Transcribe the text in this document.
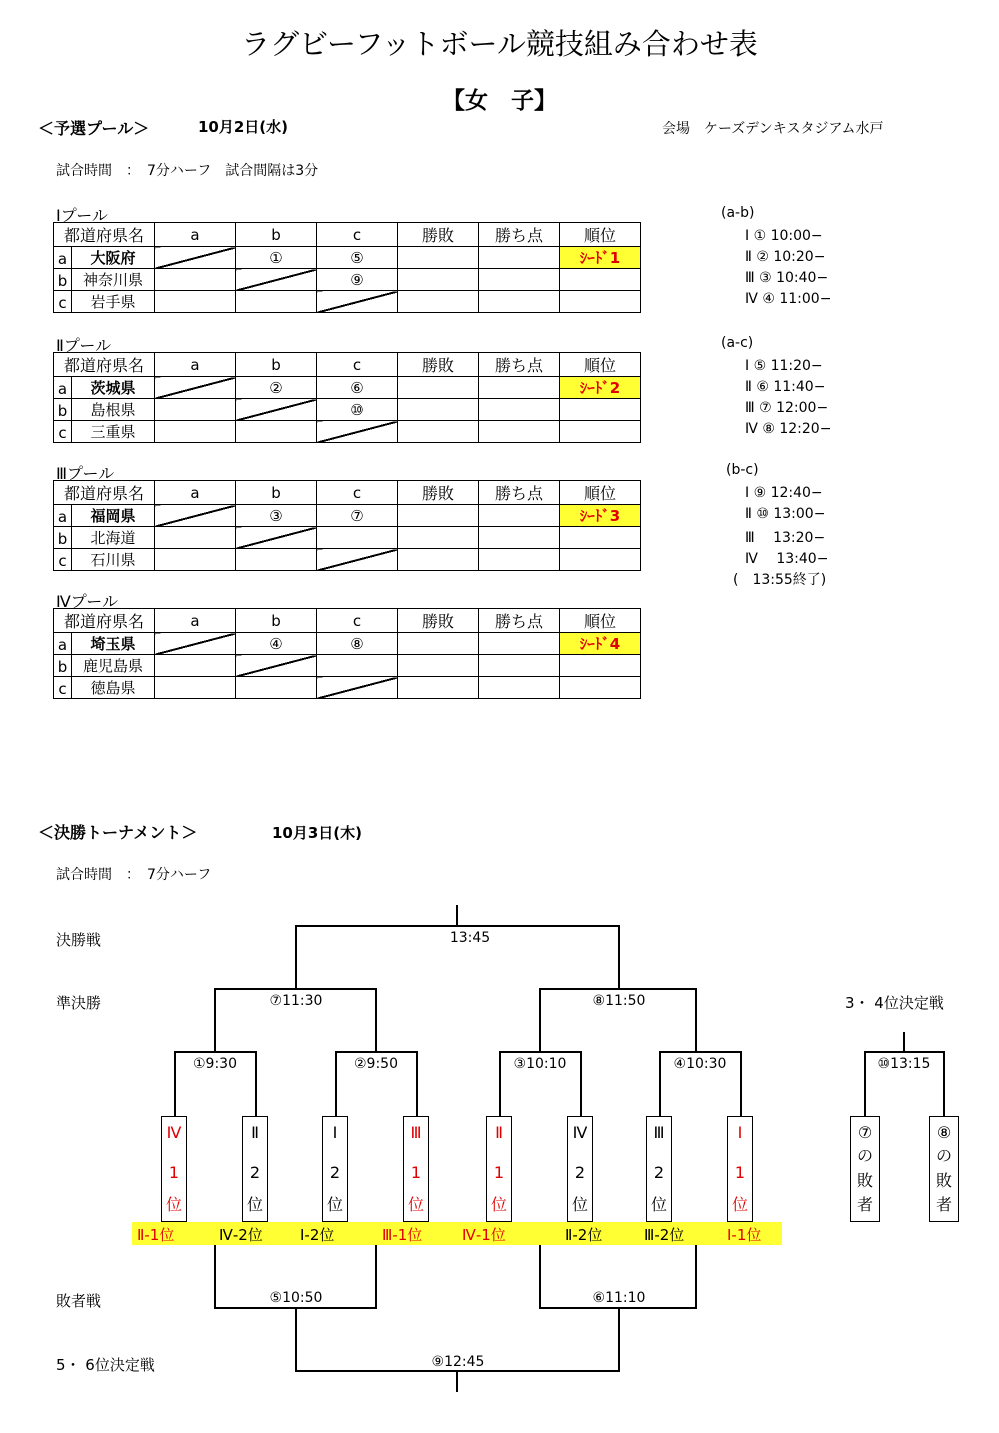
ラグビーフットボール競技組み合わせ表
【女　子】
＜予選プール＞	10月2日(水)	会場　ケーズデンキスタジアム水戸
試合時間　：　7分ハーフ　試合間隔は3分
Ⅰプール
都道府県名		a	b	c	勝敗	勝ち点	順位
a	大阪府		①	⑤			ｼｰﾄﾞ1
b	神奈川県			⑨			
c	岩手県						
Ⅱプール
都道府県名		a	b	c	勝敗	勝ち点	順位
a	茨城県		②	⑥			ｼｰﾄﾞ2
b	島根県			⑩			
c	三重県						
Ⅲプール
都道府県名		a	b	c	勝敗	勝ち点	順位
a	福岡県		③	⑦			ｼｰﾄﾞ3
b	北海道						
c	石川県						
Ⅳプール
都道府県名		a	b	c	勝敗	勝ち点	順位
a	埼玉県		④	⑧			ｼｰﾄﾞ4
b	鹿児島県						
c	徳島県						
(a-b)
Ⅰ ① 10:00−
Ⅱ ② 10:20−
Ⅲ ③ 10:40−
Ⅳ ④ 11:00−
(a-c)
Ⅰ ⑤ 11:20−
Ⅱ ⑥ 11:40−
Ⅲ ⑦ 12:00−
Ⅳ ⑧ 12:20−
(b-c)
Ⅰ ⑨ 12:40−
Ⅱ ⑩ 13:00−
Ⅲ　 13:20−
Ⅳ　 13:40−
(　13:55終了)
＜決勝トーナメント＞	10月3日(木)
試合時間　：　7分ハーフ
決勝戦
準決勝
敗者戦
5・ 6位決定戦
3・ 4位決定戦
13:45
⑦11:30	⑧11:50
①9:30	②9:50	③10:10	④10:30	⑩13:15
⑤10:50	⑥11:10
⑨12:45
Ⅱ-1位	Ⅳ-2位 Ⅰ-2位	Ⅲ-1位	Ⅳ-1位	Ⅱ-2位	Ⅲ-2位	Ⅰ-1位
Ⅳ
1
位
Ⅱ
2
位
Ⅰ
2
位
Ⅲ
1
位
Ⅱ
1
位
Ⅳ
2
位
Ⅲ
2
位
Ⅰ
1
位
⑦
の
敗
者
⑧
の
敗
者
